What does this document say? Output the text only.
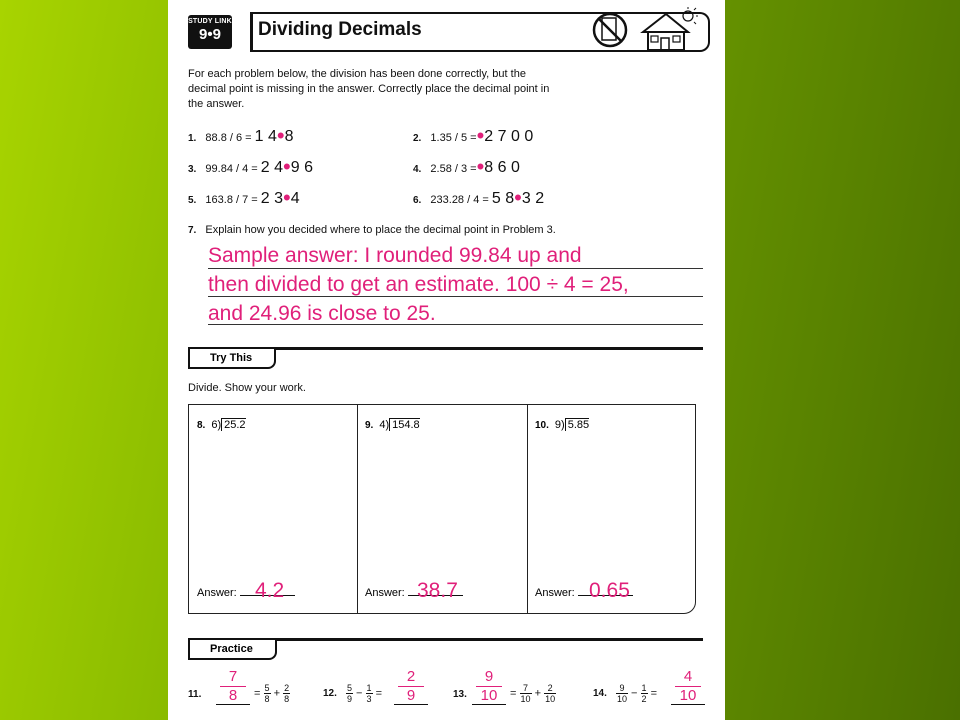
STUDY LINK
9•9	Dividing Decimals
For each problem below, the division has been done correctly, but the decimal point is missing in the answer. Correctly place the decimal point in the answer.
1. 88.8 / 6 = 1 4•8	2. 1.35 / 5 =•2 7 0 0
3. 99.84 / 4 = 2 4•9 6	4. 2.58 / 3 =•8 6 0
5. 163.8 / 7 = 2 3•4	6. 233.28 / 4 = 5 8•3 2
7. Explain how you decided where to place the decimal point in Problem 3.
Sample answer: I rounded 99.84 up and
then divided to get an estimate. 100 ÷ 4 = 25,
and 24.96 is close to 25.
Try This
Divide. Show your work.
8. 6) 25.2
Answer: 4.2
9. 4) 154.8
Answer: 38.7
10. 9) 5.85
Answer: 0.65
Practice
11.	$\frac{7}{8} = \frac{5}{8} + \frac{2}{8}$	12. $\frac{5}{9} - \frac{1}{3} = \frac{2}{9}$	13. $\frac{9}{10} = \frac{7}{10} + \frac{2}{10}$	14. $\frac{9}{10} - \frac{1}{2} = \frac{4}{10}$
